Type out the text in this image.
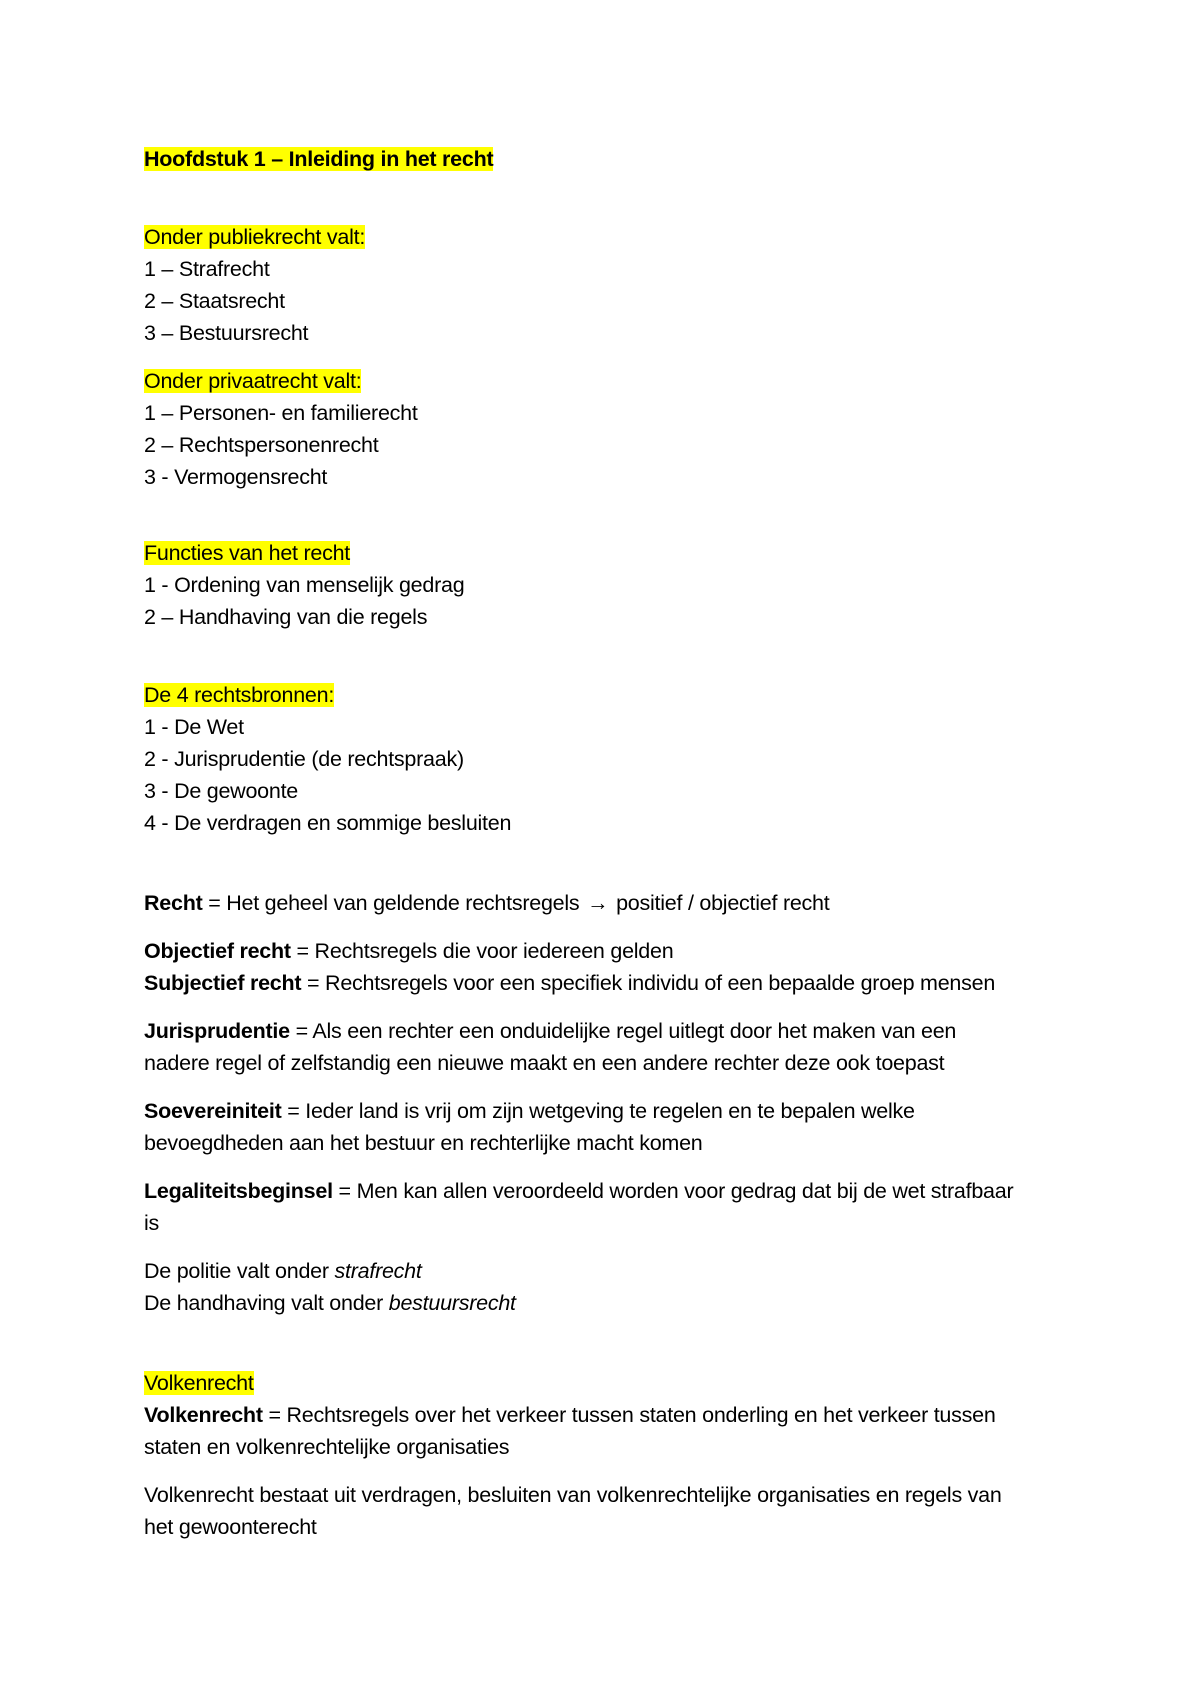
Hoofdstuk 1 – Inleiding in het recht
Onder publiekrecht valt:
1 – Strafrecht
2 – Staatsrecht
3 – Bestuursrecht
Onder privaatrecht valt:
1 – Personen- en familierecht
2 – Rechtspersonenrecht
3 - Vermogensrecht
Functies van het recht
1 - Ordening van menselijk gedrag
2 – Handhaving van die regels
De 4 rechtsbronnen:
1 - De Wet
2 - Jurisprudentie (de rechtspraak)
3 - De gewoonte
4 - De verdragen en sommige besluiten
Recht = Het geheel van geldende rechtsregels → positief / objectief recht
Objectief recht = Rechtsregels die voor iedereen gelden
Subjectief recht = Rechtsregels voor een specifiek individu of een bepaalde groep mensen
Jurisprudentie = Als een rechter een onduidelijke regel uitlegt door het maken van een
nadere regel of zelfstandig een nieuwe maakt en een andere rechter deze ook toepast
Soevereiniteit = Ieder land is vrij om zijn wetgeving te regelen en te bepalen welke
bevoegdheden aan het bestuur en rechterlijke macht komen
Legaliteitsbeginsel = Men kan allen veroordeeld worden voor gedrag dat bij de wet strafbaar
is
De politie valt onder strafrecht
De handhaving valt onder bestuursrecht
Volkenrecht
Volkenrecht = Rechtsregels over het verkeer tussen staten onderling en het verkeer tussen
staten en volkenrechtelijke organisaties
Volkenrecht bestaat uit verdragen, besluiten van volkenrechtelijke organisaties en regels van
het gewoonterecht
